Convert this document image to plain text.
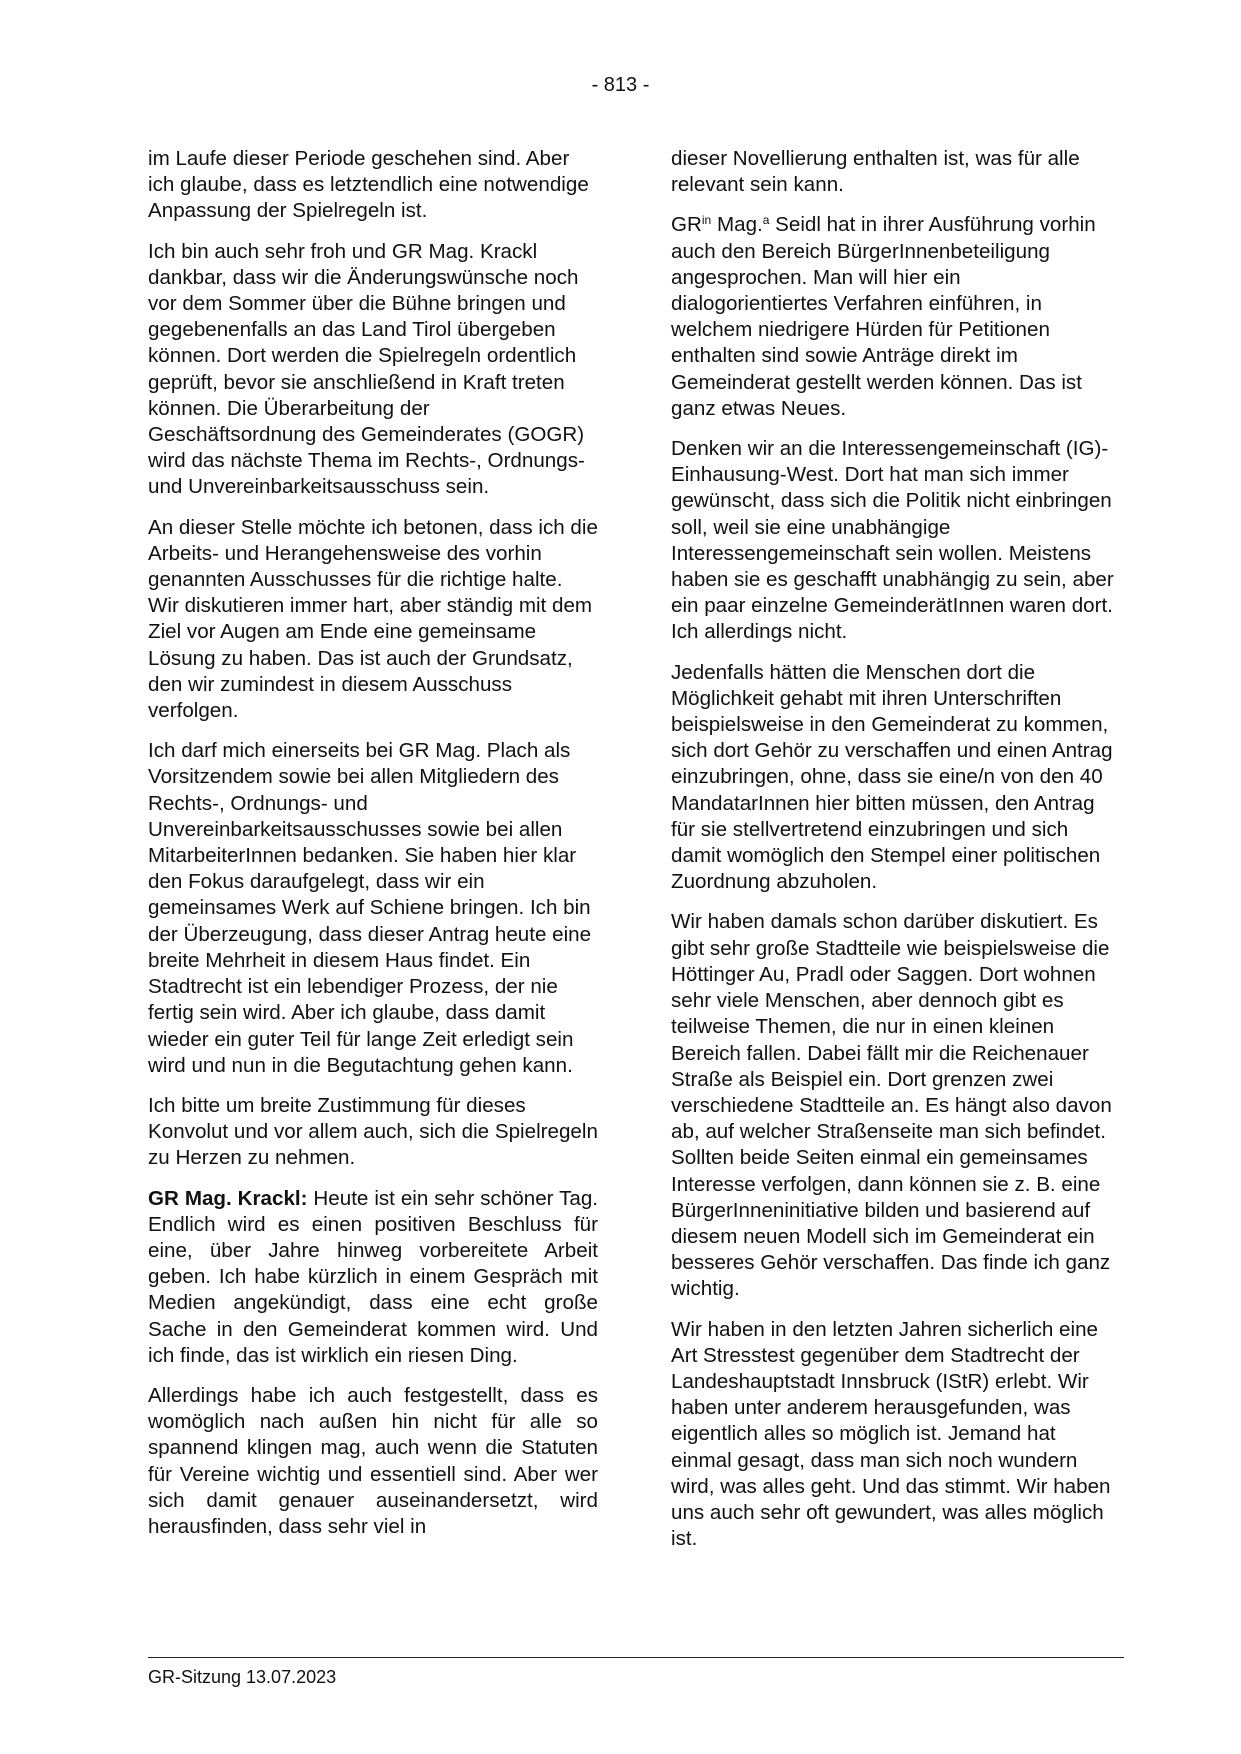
- 813 -

im Laufe dieser Periode geschehen sind. Aber ich glaube, dass es letztendlich eine notwendige Anpassung der Spielregeln ist.

Ich bin auch sehr froh und GR Mag. Krackl dankbar, dass wir die Änderungswünsche noch vor dem Sommer über die Bühne bringen und gegebenenfalls an das Land Tirol übergeben können. Dort werden die Spielregeln ordentlich geprüft, bevor sie anschließend in Kraft treten können. Die Überarbeitung der Geschäftsordnung des Gemeinderates (GOGR) wird das nächste Thema im Rechts-, Ordnungs- und Unvereinbarkeitsausschuss sein.

An dieser Stelle möchte ich betonen, dass ich die Arbeits- und Herangehensweise des vorhin genannten Ausschusses für die richtige halte. Wir diskutieren immer hart, aber ständig mit dem Ziel vor Augen am Ende eine gemeinsame Lösung zu haben. Das ist auch der Grundsatz, den wir zumindest in diesem Ausschuss verfolgen.

Ich darf mich einerseits bei GR Mag. Plach als Vorsitzendem sowie bei allen Mitgliedern des Rechts-, Ordnungs- und Unvereinbarkeitsausschusses sowie bei allen MitarbeiterInnen bedanken. Sie haben hier klar den Fokus daraufgelegt, dass wir ein gemeinsames Werk auf Schiene bringen. Ich bin der Überzeugung, dass dieser Antrag heute eine breite Mehrheit in diesem Haus findet. Ein Stadtrecht ist ein lebendiger Prozess, der nie fertig sein wird. Aber ich glaube, dass damit wieder ein guter Teil für lange Zeit erledigt sein wird und nun in die Begutachtung gehen kann.

Ich bitte um breite Zustimmung für dieses Konvolut und vor allem auch, sich die Spielregeln zu Herzen zu nehmen.

GR Mag. Krackl: Heute ist ein sehr schöner Tag. Endlich wird es einen positiven Beschluss für eine, über Jahre hinweg vorbereitete Arbeit geben. Ich habe kürzlich in einem Gespräch mit Medien angekündigt, dass eine echt große Sache in den Gemeinderat kommen wird. Und ich finde, das ist wirklich ein riesen Ding.

Allerdings habe ich auch festgestellt, dass es womöglich nach außen hin nicht für alle so spannend klingen mag, auch wenn die Statuten für Vereine wichtig und essentiell sind. Aber wer sich damit genauer auseinandersetzt, wird herausfinden, dass sehr viel in

dieser Novellierung enthalten ist, was für alle relevant sein kann.

$GR^{in}$ Mag.$^a$ Seidl hat in ihrer Ausführung vorhin auch den Bereich BürgerInnenbeteiligung angesprochen. Man will hier ein dialogorientiertes Verfahren einführen, in welchem niedrigere Hürden für Petitionen enthalten sind sowie Anträge direkt im Gemeinderat gestellt werden können. Das ist ganz etwas Neues.

Denken wir an die Interessengemeinschaft (IG)-Einhausung-West. Dort hat man sich immer gewünscht, dass sich die Politik nicht einbringen soll, weil sie eine unabhängige Interessengemeinschaft sein wollen. Meistens haben sie es geschafft unabhängig zu sein, aber ein paar einzelne GemeinderätInnen waren dort. Ich allerdings nicht.

Jedenfalls hätten die Menschen dort die Möglichkeit gehabt mit ihren Unterschriften beispielsweise in den Gemeinderat zu kommen, sich dort Gehör zu verschaffen und einen Antrag einzubringen, ohne, dass sie eine/n von den 40 MandatarInnen hier bitten müssen, den Antrag für sie stellvertretend einzubringen und sich damit womöglich den Stempel einer politischen Zuordnung abzuholen.

Wir haben damals schon darüber diskutiert. Es gibt sehr große Stadtteile wie beispielsweise die Höttinger Au, Pradl oder Saggen. Dort wohnen sehr viele Menschen, aber dennoch gibt es teilweise Themen, die nur in einen kleinen Bereich fallen. Dabei fällt mir die Reichenauer Straße als Beispiel ein. Dort grenzen zwei verschiedene Stadtteile an. Es hängt also davon ab, auf welcher Straßenseite man sich befindet. Sollten beide Seiten einmal ein gemeinsames Interesse verfolgen, dann können sie z. B. eine BürgerInneninitiative bilden und basierend auf diesem neuen Modell sich im Gemeinderat ein besseres Gehör verschaffen. Das finde ich ganz wichtig.

Wir haben in den letzten Jahren sicherlich eine Art Stresstest gegenüber dem Stadtrecht der Landeshauptstadt Innsbruck (IStR) erlebt. Wir haben unter anderem herausgefunden, was eigentlich alles so möglich ist. Jemand hat einmal gesagt, dass man sich noch wundern wird, was alles geht. Und das stimmt. Wir haben uns auch sehr oft gewundert, was alles möglich ist.

GR-Sitzung 13.07.2023
